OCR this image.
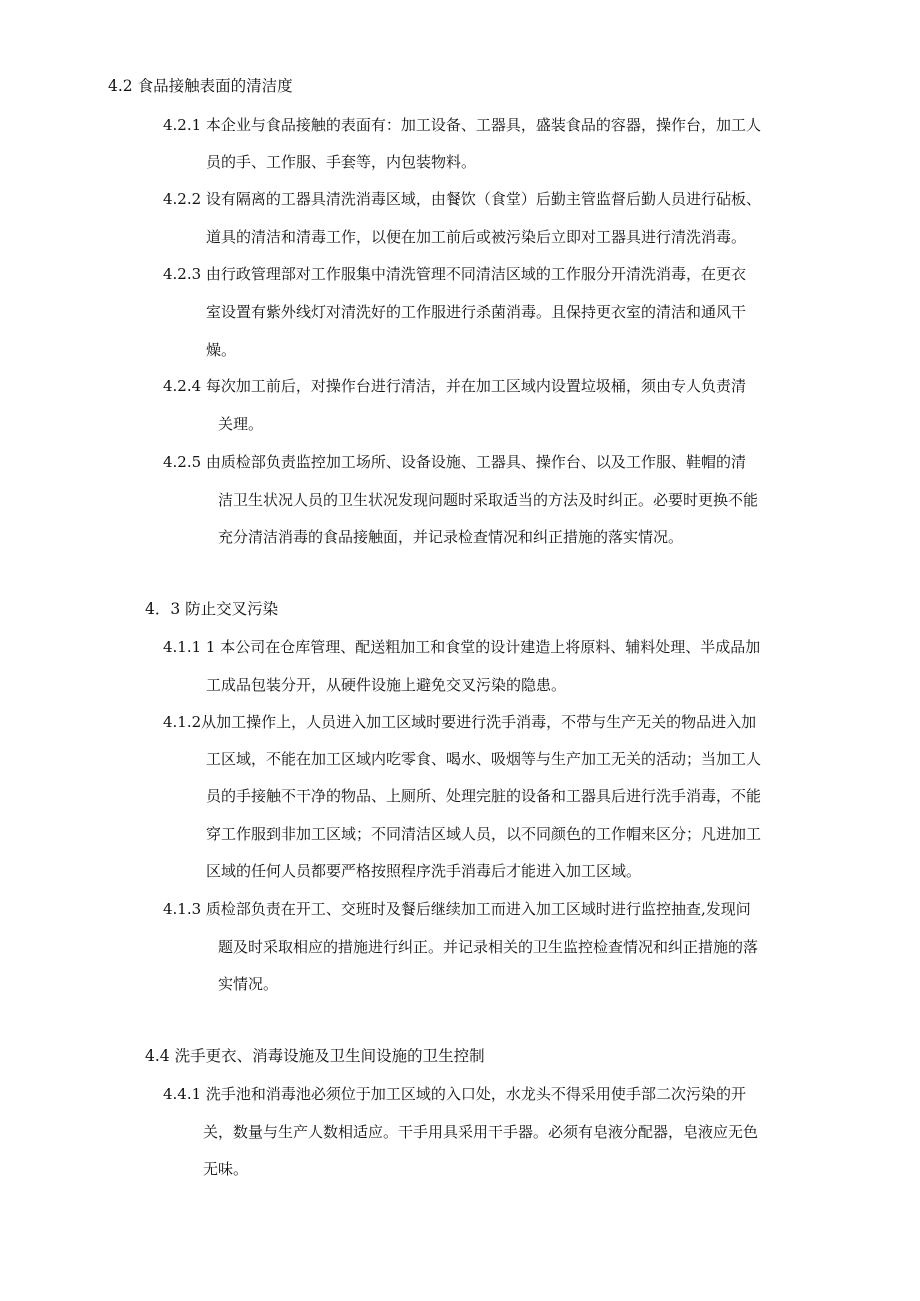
4.2 食品接触表面的清洁度
4.2.1 本企业与食品接触的表面有：加工设备、工器具，盛装食品的容器，操作台，加工人
员的手、工作服、手套等，内包装物料。
4.2.2 设有隔离的工器具清洗消毒区域，由餐饮（食堂）后勤主管监督后勤人员进行砧板、
道具的清洁和清毒工作，以便在加工前后或被污染后立即对工器具进行清洗消毒。
4.2.3 由行政管理部对工作服集中清洗管理不同清洁区域的工作服分开清洗消毒，在更衣
室设置有紫外线灯对清洗好的工作服进行杀菌消毒。且保持更衣室的清洁和通风干
燥。
4.2.4 每次加工前后，对操作台进行清洁，并在加工区域内设置垃圾桶，须由专人负责清
关理。
4.2.5 由质检部负责监控加工场所、设备设施、工器具、操作台、以及工作服、鞋帽的清
洁卫生状况人员的卫生状况发现问题时采取适当的方法及时纠正。必要时更换不能
充分清洁消毒的食品接触面，并记录检查情况和纠正措施的落实情况。
4．3 防止交叉污染
4.1.1 1 本公司在仓库管理、配送粗加工和食堂的设计建造上将原料、辅料处理、半成品加
工成品包装分开，从硬件设施上避免交叉污染的隐患。
4.1.2从加工操作上，人员进入加工区域时要进行洗手消毒，不带与生产无关的物品进入加
工区域，不能在加工区域内吃零食、喝水、吸烟等与生产加工无关的活动；当加工人
员的手接触不干净的物品、上厕所、处理完脏的设备和工器具后进行洗手消毒，不能
穿工作服到非加工区域；不同清洁区域人员，以不同颜色的工作帽来区分；凡进加工
区域的任何人员都要严格按照程序洗手消毒后才能进入加工区域。
4.1.3 质检部负责在开工、交班时及餐后继续加工而进入加工区域时进行监控抽查,发现问
题及时采取相应的措施进行纠正。并记录相关的卫生监控检查情况和纠正措施的落
实情况。
4.4 洗手更衣、消毒设施及卫生间设施的卫生控制
4.4.1 洗手池和消毒池必须位于加工区域的入口处，水龙头不得采用使手部二次污染的开
关，数量与生产人数相适应。干手用具采用干手器。必须有皂液分配器，皂液应无色
无味。
